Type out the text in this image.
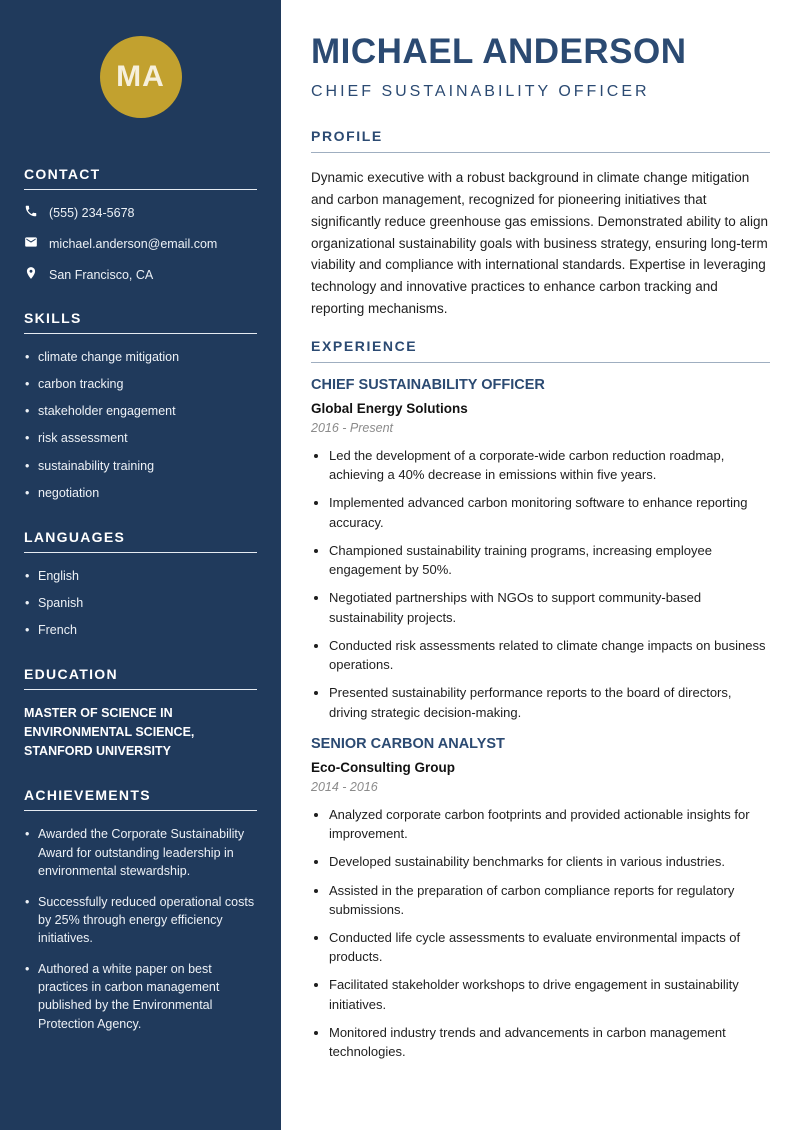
MA
CONTACT
(555) 234-5678
michael.anderson@email.com
San Francisco, CA
SKILLS
• climate change mitigation
• carbon tracking
• stakeholder engagement
• risk assessment
• sustainability training
• negotiation
LANGUAGES
• English
• Spanish
• French
EDUCATION
MASTER OF SCIENCE IN ENVIRONMENTAL SCIENCE, STANFORD UNIVERSITY
ACHIEVEMENTS
• Awarded the Corporate Sustainability Award for outstanding leadership in environmental stewardship.
• Successfully reduced operational costs by 25% through energy efficiency initiatives.
• Authored a white paper on best practices in carbon management published by the Environmental Protection Agency.
MICHAEL ANDERSON
CHIEF SUSTAINABILITY OFFICER
PROFILE

Dynamic executive with a robust background in climate change mitigation and carbon management, recognized for pioneering initiatives that significantly reduce greenhouse gas emissions. Demonstrated ability to align organizational sustainability goals with business strategy, ensuring long-term viability and compliance with international standards. Expertise in leveraging technology and innovative practices to enhance carbon tracking and reporting mechanisms.

EXPERIENCE
CHIEF SUSTAINABILITY OFFICER
Global Energy Solutions
2016 - Present
• Led the development of a corporate-wide carbon reduction roadmap, achieving a 40% decrease in emissions within five years.
• Implemented advanced carbon monitoring software to enhance reporting accuracy.
• Championed sustainability training programs, increasing employee engagement by 50%.
• Negotiated partnerships with NGOs to support community-based sustainability projects.
• Conducted risk assessments related to climate change impacts on business operations.
• Presented sustainability performance reports to the board of directors, driving strategic decision-making.
SENIOR CARBON ANALYST
Eco-Consulting Group
2014 - 2016
• Analyzed corporate carbon footprints and provided actionable insights for improvement.
• Developed sustainability benchmarks for clients in various industries.
• Assisted in the preparation of carbon compliance reports for regulatory submissions.
• Conducted life cycle assessments to evaluate environmental impacts of products.
• Facilitated stakeholder workshops to drive engagement in sustainability initiatives.
• Monitored industry trends and advancements in carbon management technologies.
